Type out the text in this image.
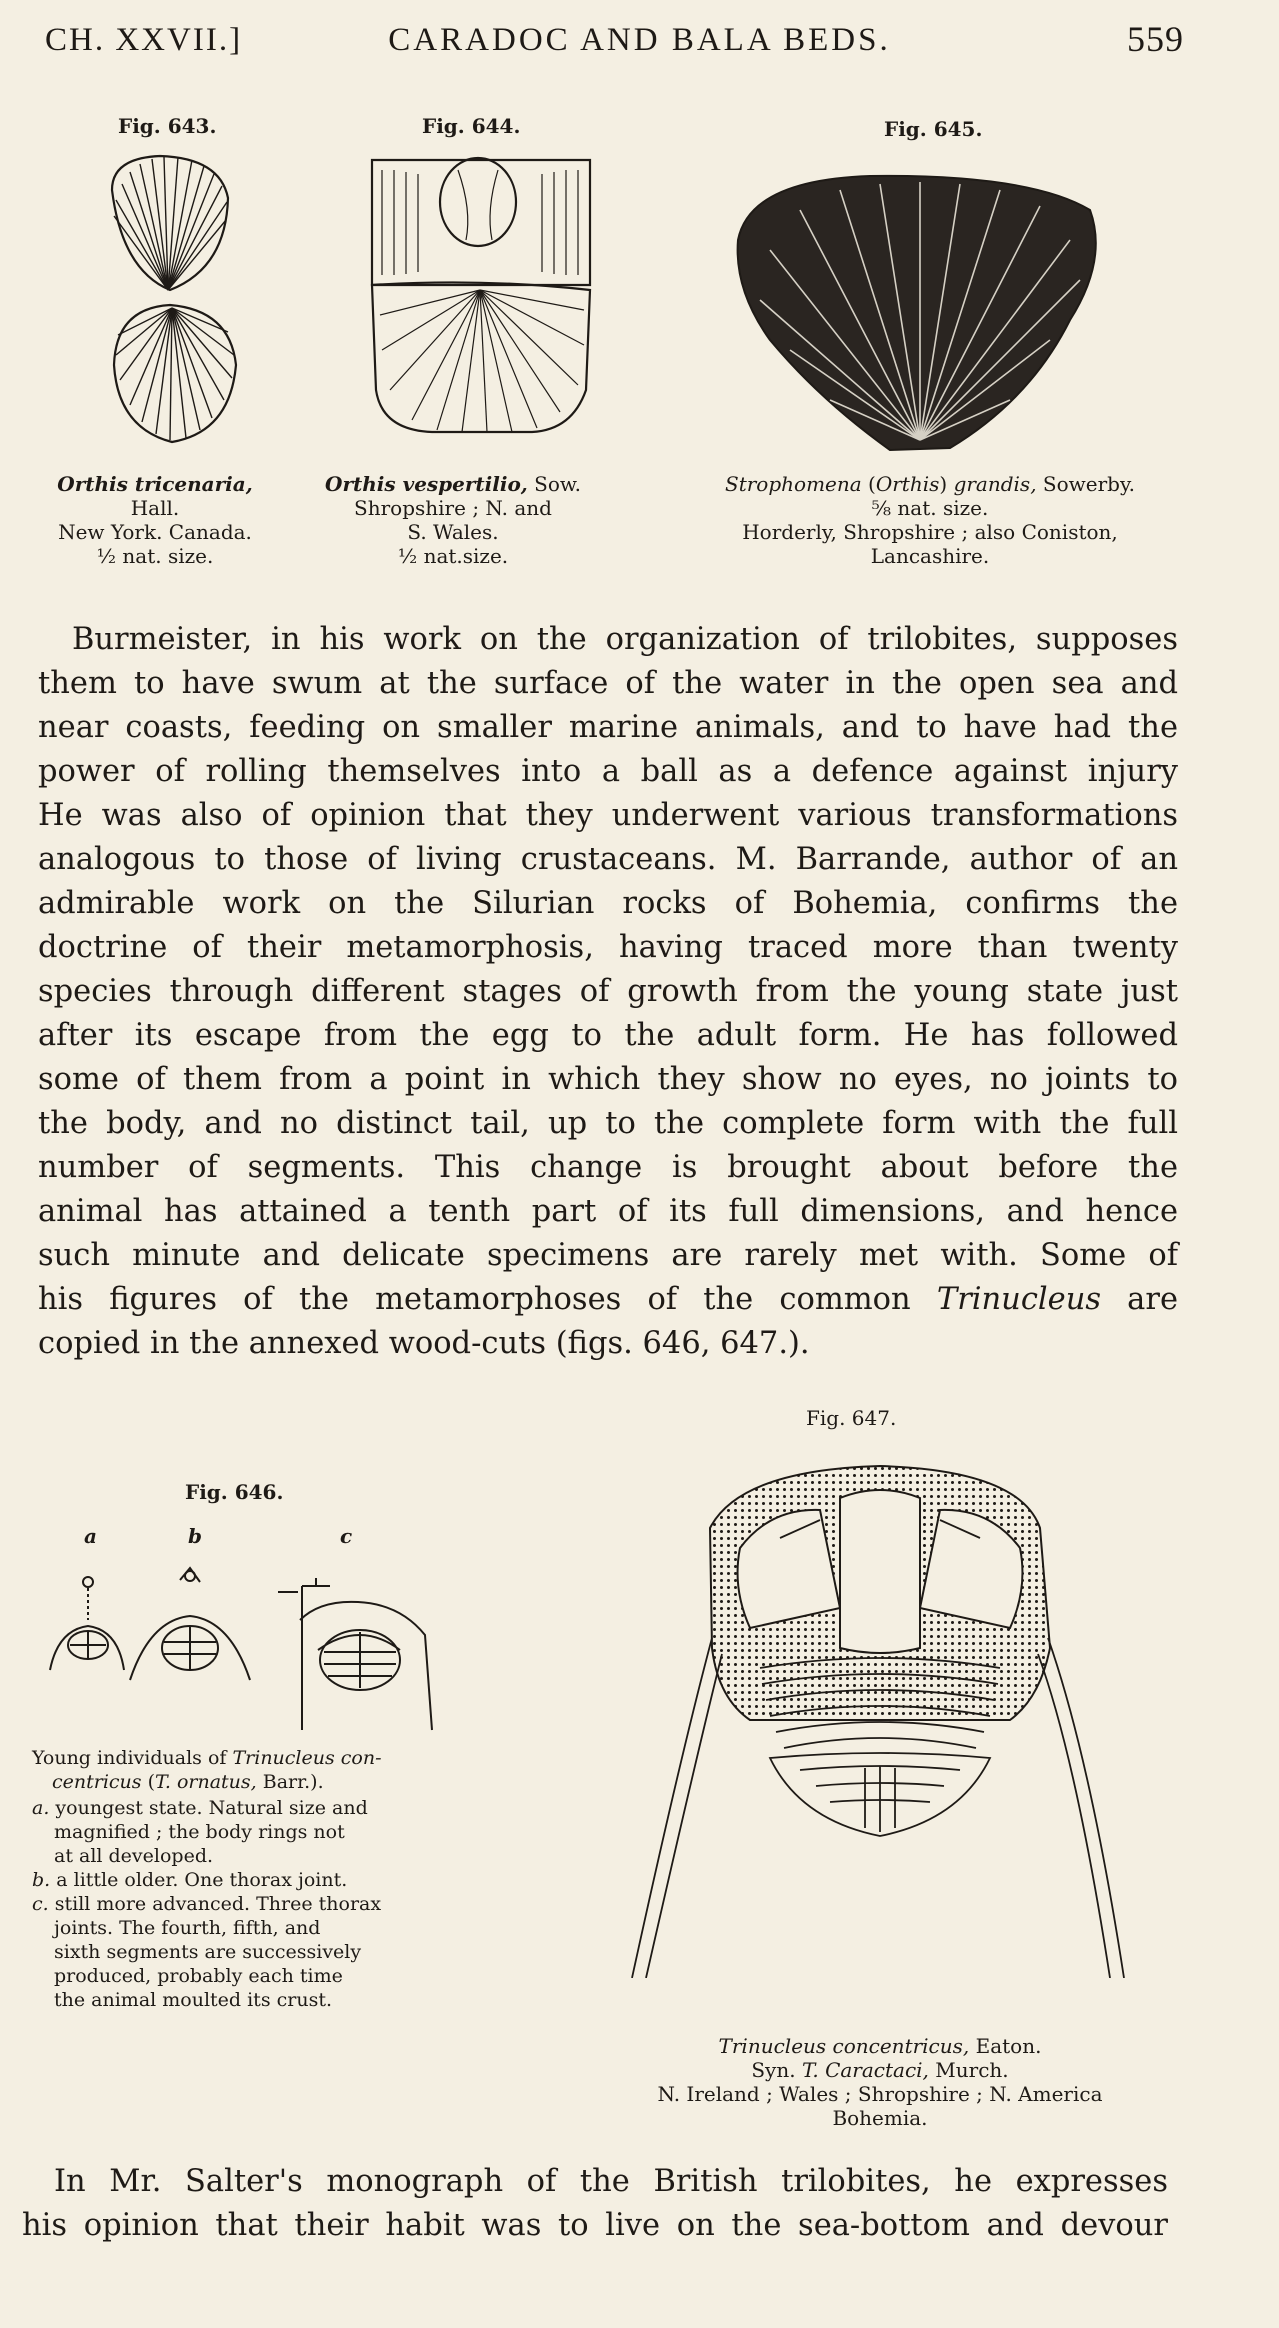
CH. XXVII.]	CARADOC AND BALA BEDS.	559
Fig. 643.	Fig. 644.	Fig. 645.
Orthis tricenaria,
Hall.
New York. Canada.
½ nat. size.
Orthis vespertilio, Sow.
Shropshire ; N. and
S. Wales.
½ nat.size.
Strophomena (Orthis) grandis, Sowerby.
⅝ nat. size.
Horderly, Shropshire ; also Coniston,
Lancashire.
Burmeister, in his work on the organization of trilobites, supposes
them to have swum at the surface of the water in the open sea and
near coasts, feeding on smaller marine animals, and to have had the
power of rolling themselves into a ball as a defence against injury
He was also of opinion that they underwent various transformations
analogous to those of living crustaceans. M. Barrande, author of an
admirable work on the Silurian rocks of Bohemia, confirms the
doctrine of their metamorphosis, having traced more than twenty
species through different stages of growth from the young state just
after its escape from the egg to the adult form. He has followed
some of them from a point in which they show no eyes, no joints to
the body, and no distinct tail, up to the complete form with the full
number of segments. This change is brought about before the
animal has attained a tenth part of its full dimensions, and hence
such minute and delicate specimens are rarely met with. Some of
his figures of the metamorphoses of the common Trinucleus are
copied in the annexed wood-cuts (figs. 646, 647.).
Fig. 646.
a	b	c
Young individuals of Trinucleus con-
centricus (T. ornatus, Barr.).
a. youngest state. Natural size and
magnified ; the body rings not
at all developed.
b. a little older. One thorax joint.
c. still more advanced. Three thorax
joints. The fourth, fifth, and
sixth segments are successively
produced, probably each time
the animal moulted its crust.
Fig. 647.
Trinucleus concentricus, Eaton.
Syn. T. Caractaci, Murch.
N. Ireland ; Wales ; Shropshire ; N. America
Bohemia.
In Mr. Salter's monograph of the British trilobites, he expresses
his opinion that their habit was to live on the sea-bottom and devour
